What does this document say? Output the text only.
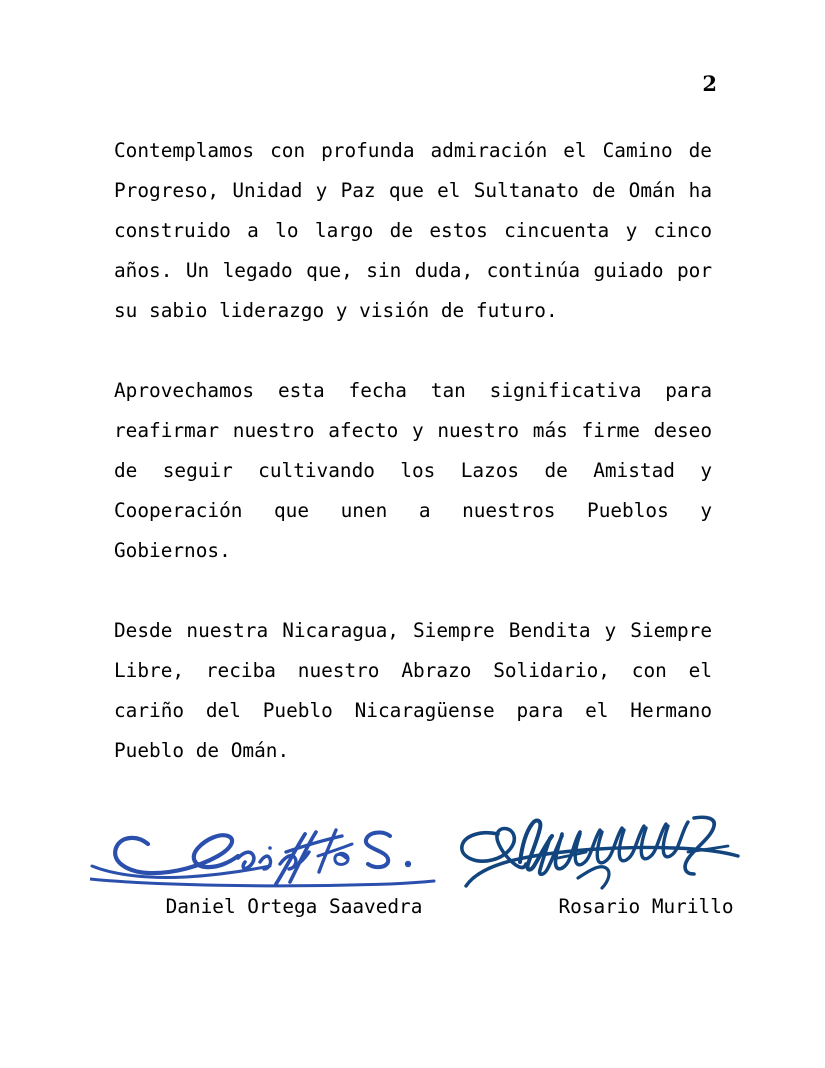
2

Contemplamos con profunda admiración el Camino de Progreso, Unidad y Paz que el Sultanato de Omán ha construido a lo largo de estos cincuenta y cinco años. Un legado que, sin duda, continúa guiado por su sabio liderazgo y visión de futuro.

Aprovechamos esta fecha tan significativa para reafirmar nuestro afecto y nuestro más firme deseo de seguir cultivando los Lazos de Amistad y Cooperación que unen a nuestros Pueblos y Gobiernos.

Desde nuestra Nicaragua, Siempre Bendita y Siempre Libre, reciba nuestro Abrazo Solidario, con el cariño del Pueblo Nicaragüense para el Hermano Pueblo de Omán.

Daniel Ortega Saavedra	Rosario Murillo
